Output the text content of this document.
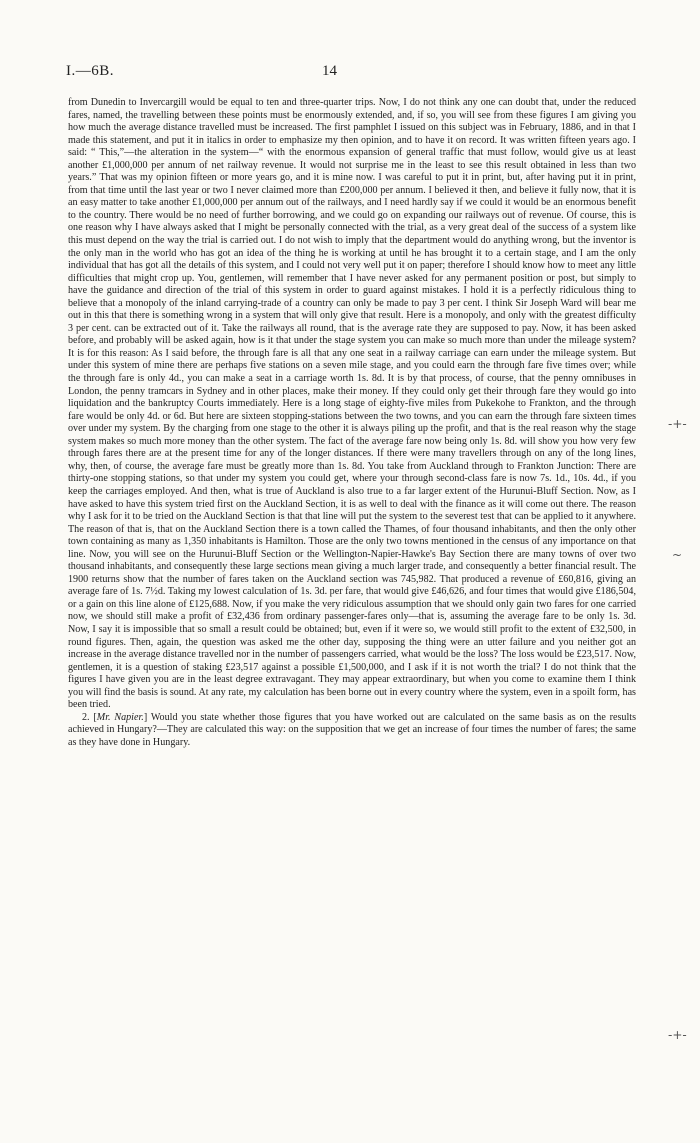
I.—6B.	14

from Dunedin to Invercargill would be equal to ten and three-quarter trips. Now, I do not think any one can doubt that, under the reduced fares, named, the travelling between these points must be enormously extended, and, if so, you will see from these figures I am giving you how much the average distance travelled must be increased. The first pamphlet I issued on this subject was in February, 1886, and in that I made this statement, and put it in italics in order to emphasize my then opinion, and to have it on record. It was written fifteen years ago. I said: “ This,”—the alteration in the system—“ with the enormous expansion of general traffic that must follow, would give us at least another £1,000,000 per annum of net railway revenue. It would not surprise me in the least to see this result obtained in less than two years.” That was my opinion fifteen or more years go, and it is mine now. I was careful to put it in print, but, after having put it in print, from that time until the last year or two I never claimed more than £200,000 per annum. I believed it then, and believe it fully now, that it is an easy matter to take another £1,000,000 per annum out of the railways, and I need hardly say if we could it would be an enormous benefit to the country. There would be no need of further borrowing, and we could go on expanding our railways out of revenue. Of course, this is one reason why I have always asked that I might be personally connected with the trial, as a very great deal of the success of a system like this must depend on the way the trial is carried out. I do not wish to imply that the department would do anything wrong, but the inventor is the only man in the world who has got an idea of the thing he is working at until he has brought it to a certain stage, and I am the only individual that has got all the details of this system, and I could not very well put it on paper; therefore I should know how to meet any little difficulties that might crop up. You, gentlemen, will remember that I have never asked for any permanent position or post, but simply to have the guidance and direction of the trial of this system in order to guard against mistakes. I hold it is a perfectly ridiculous thing to believe that a monopoly of the inland carrying-trade of a country can only be made to pay 3 per cent. I think Sir Joseph Ward will bear me out in this that there is something wrong in a system that will only give that result. Here is a monopoly, and only with the greatest difficulty 3 per cent. can be extracted out of it. Take the railways all round, that is the average rate they are supposed to pay. Now, it has been asked before, and probably will be asked again, how is it that under the stage system you can make so much more than under the mileage system? It is for this reason: As I said before, the through fare is all that any one seat in a railway carriage can earn under the mileage system. But under this system of mine there are perhaps five stations on a seven mile stage, and you could earn the through fare five times over; while the through fare is only 4d., you can make a seat in a carriage worth 1s. 8d. It is by that process, of course, that the penny omnibuses in London, the penny tramcars in Sydney and in other places, make their money. If they could only get their through fare they would go into liquidation and the bankruptcy Courts immediately. Here is a long stage of eighty-five miles from Pukekohe to Frankton, and the through fare would be only 4d. or 6d. But here are sixteen stopping-stations between the two towns, and you can earn the through fare sixteen times over under my system. By the charging from one stage to the other it is always piling up the profit, and that is the real reason why the stage system makes so much more money than the other system. The fact of the average fare now being only 1s. 8d. will show you how very few through fares there are at the present time for any of the longer distances. If there were many travellers through on any of the long lines, why, then, of course, the average fare must be greatly more than 1s. 8d. You take from Auckland through to Frankton Junction: There are thirty-one stopping stations, so that under my system you could get, where your through second-class fare is now 7s. 1d., 10s. 4d., if you keep the carriages employed. And then, what is true of Auckland is also true to a far larger extent of the Hurunui-Bluff Section. Now, as I have asked to have this system tried first on the Auckland Section, it is as well to deal with the finance as it will come out there. The reason why I ask for it to be tried on the Auckland Section is that that line will put the system to the severest test that can be applied to it anywhere. The reason of that is, that on the Auckland Section there is a town called the Thames, of four thousand inhabitants, and then the only other town containing as many as 1,350 inhabitants is Hamilton. Those are the only two towns mentioned in the census of any importance on that line. Now, you will see on the Hurunui-Bluff Section or the Wellington-Napier-Hawke's Bay Section there are many towns of over two thousand inhabitants, and consequently these large sections mean giving a much larger trade, and consequently a better financial result. The 1900 returns show that the number of fares taken on the Auckland section was 745,982. That produced a revenue of £60,816, giving an average fare of 1s. 7½d. Taking my lowest calculation of 1s. 3d. per fare, that would give £46,626, and four times that would give £186,504, or a gain on this line alone of £125,688. Now, if you make the very ridiculous assumption that we should only gain two fares for one carried now, we should still make a profit of £32,436 from ordinary passenger-fares only—that is, assuming the average fare to be only 1s. 3d. Now, I say it is impossible that so small a result could be obtained; but, even if it were so, we would still profit to the extent of £32,500, in round figures. Then, again, the question was asked me the other day, supposing the thing were an utter failure and you neither got an increase in the average distance travelled nor in the number of passengers carried, what would be the loss? The loss would be £23,517. Now, gentlemen, it is a question of staking £23,517 against a possible £1,500,000, and I ask if it is not worth the trial? I do not think that the figures I have given you are in the least degree extravagant. They may appear extraordinary, but when you come to examine them I think you will find the basis is sound. At any rate, my calculation has been borne out in every country where the system, even in a spoilt form, has been tried.

2. [Mr. Napier.] Would you state whether those figures that you have worked out are calculated on the same basis as on the results achieved in Hungary?—They are calculated this way: on the supposition that we get an increase of four times the number of fares; the same as they have done in Hungary.

-+-
~
-+-
